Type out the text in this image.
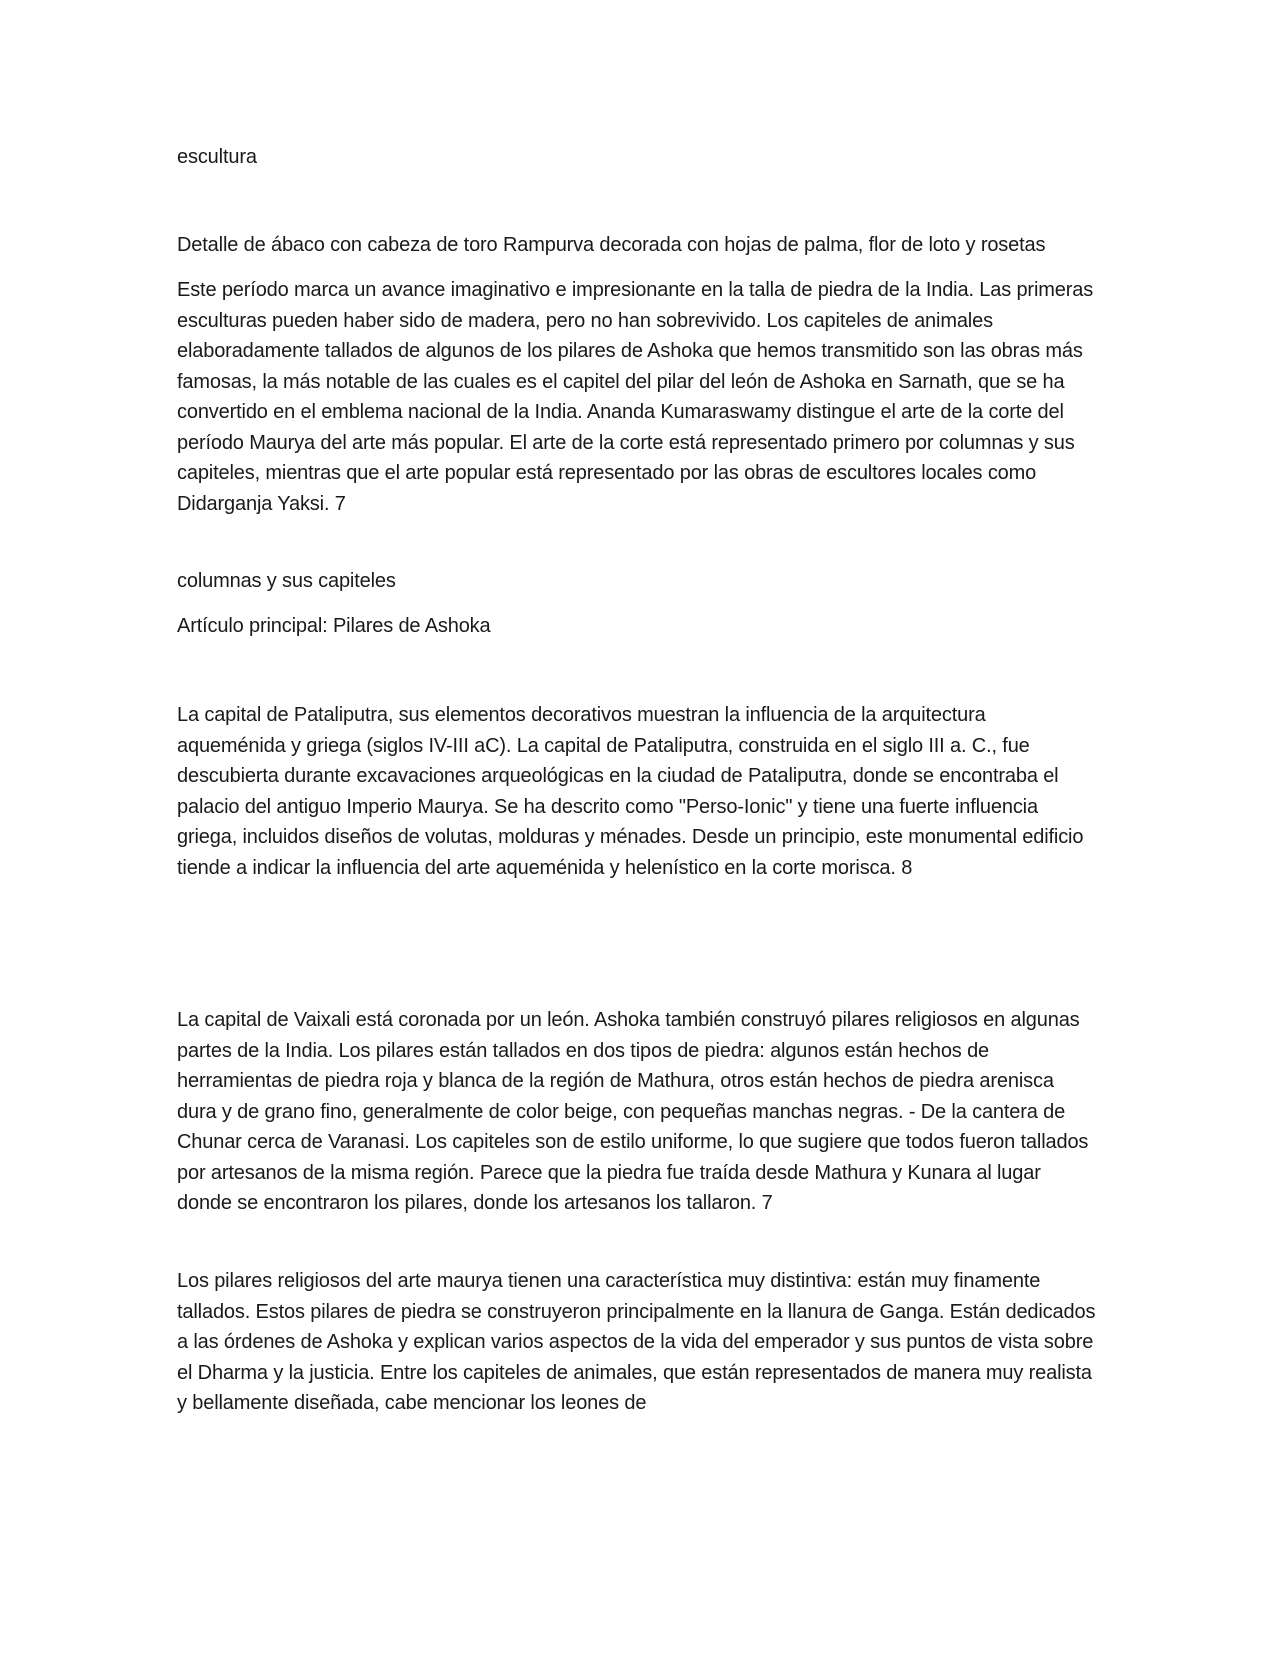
escultura

Detalle de ábaco con cabeza de toro Rampurva decorada con hojas de palma, flor de loto y rosetas

Este período marca un avance imaginativo e impresionante en la talla de piedra de la India. Las primeras esculturas pueden haber sido de madera, pero no han sobrevivido. Los capiteles de animales elaboradamente tallados de algunos de los pilares de Ashoka que hemos transmitido son las obras más famosas, la más notable de las cuales es el capitel del pilar del león de Ashoka en Sarnath, que se ha convertido en el emblema nacional de la India. Ananda Kumaraswamy distingue el arte de la corte del período Maurya del arte más popular. El arte de la corte está representado primero por columnas y sus capiteles, mientras que el arte popular está representado por las obras de escultores locales como Didarganja Yaksi. 7

columnas y sus capiteles

Artículo principal: Pilares de Ashoka

La capital de Pataliputra, sus elementos decorativos muestran la influencia de la arquitectura aqueménida y griega (siglos IV-III aC). La capital de Pataliputra, construida en el siglo III a. C., fue descubierta durante excavaciones arqueológicas en la ciudad de Pataliputra, donde se encontraba el palacio del antiguo Imperio Maurya. Se ha descrito como "Perso-Ionic" y tiene una fuerte influencia griega, incluidos diseños de volutas, molduras y ménades. Desde un principio, este monumental edificio tiende a indicar la influencia del arte aqueménida y helenístico en la corte morisca. 8

La capital de Vaixali está coronada por un león. Ashoka también construyó pilares religiosos en algunas partes de la India. Los pilares están tallados en dos tipos de piedra: algunos están hechos de herramientas de piedra roja y blanca de la región de Mathura, otros están hechos de piedra arenisca dura y de grano fino, generalmente de color beige, con pequeñas manchas negras. - De la cantera de Chunar cerca de Varanasi. Los capiteles son de estilo uniforme, lo que sugiere que todos fueron tallados por artesanos de la misma región. Parece que la piedra fue traída desde Mathura y Kunara al lugar donde se encontraron los pilares, donde los artesanos los tallaron. 7

Los pilares religiosos del arte maurya tienen una característica muy distintiva: están muy finamente tallados. Estos pilares de piedra se construyeron principalmente en la llanura de Ganga. Están dedicados a las órdenes de Ashoka y explican varios aspectos de la vida del emperador y sus puntos de vista sobre el Dharma y la justicia. Entre los capiteles de animales, que están representados de manera muy realista y bellamente diseñada, cabe mencionar los leones de
